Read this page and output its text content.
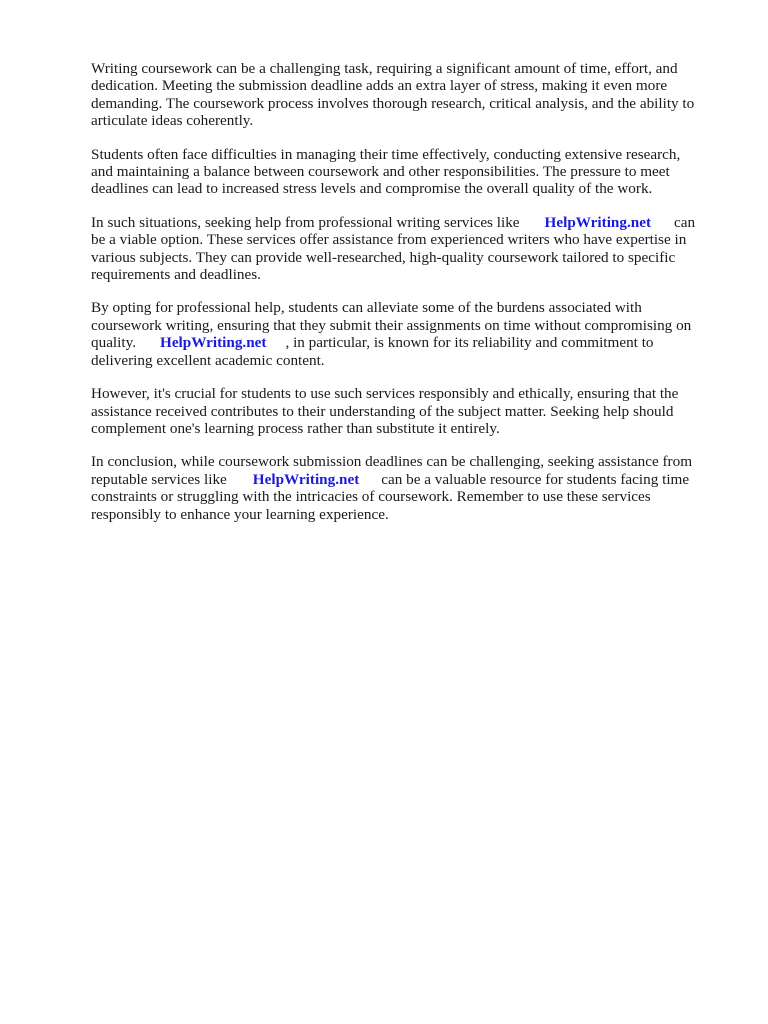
Writing coursework can be a challenging task, requiring a significant amount of time, effort, and
dedication. Meeting the submission deadline adds an extra layer of stress, making it even more
demanding. The coursework process involves thorough research, critical analysis, and the ability to
articulate ideas coherently.

Students often face difficulties in managing their time effectively, conducting extensive research,
and maintaining a balance between coursework and other responsibilities. The pressure to meet
deadlines can lead to increased stress levels and compromise the overall quality of the work.

In such situations, seeking help from professional writing services like HelpWriting.net can
be a viable option. These services offer assistance from experienced writers who have expertise in
various subjects. They can provide well-researched, high-quality coursework tailored to specific
requirements and deadlines.

By opting for professional help, students can alleviate some of the burdens associated with
coursework writing, ensuring that they submit their assignments on time without compromising on
quality. HelpWriting.net , in particular, is known for its reliability and commitment to
delivering excellent academic content.

However, it's crucial for students to use such services responsibly and ethically, ensuring that the
assistance received contributes to their understanding of the subject matter. Seeking help should
complement one's learning process rather than substitute it entirely.

In conclusion, while coursework submission deadlines can be challenging, seeking assistance from
reputable services like HelpWriting.net can be a valuable resource for students facing time
constraints or struggling with the intricacies of coursework. Remember to use these services
responsibly to enhance your learning experience.
